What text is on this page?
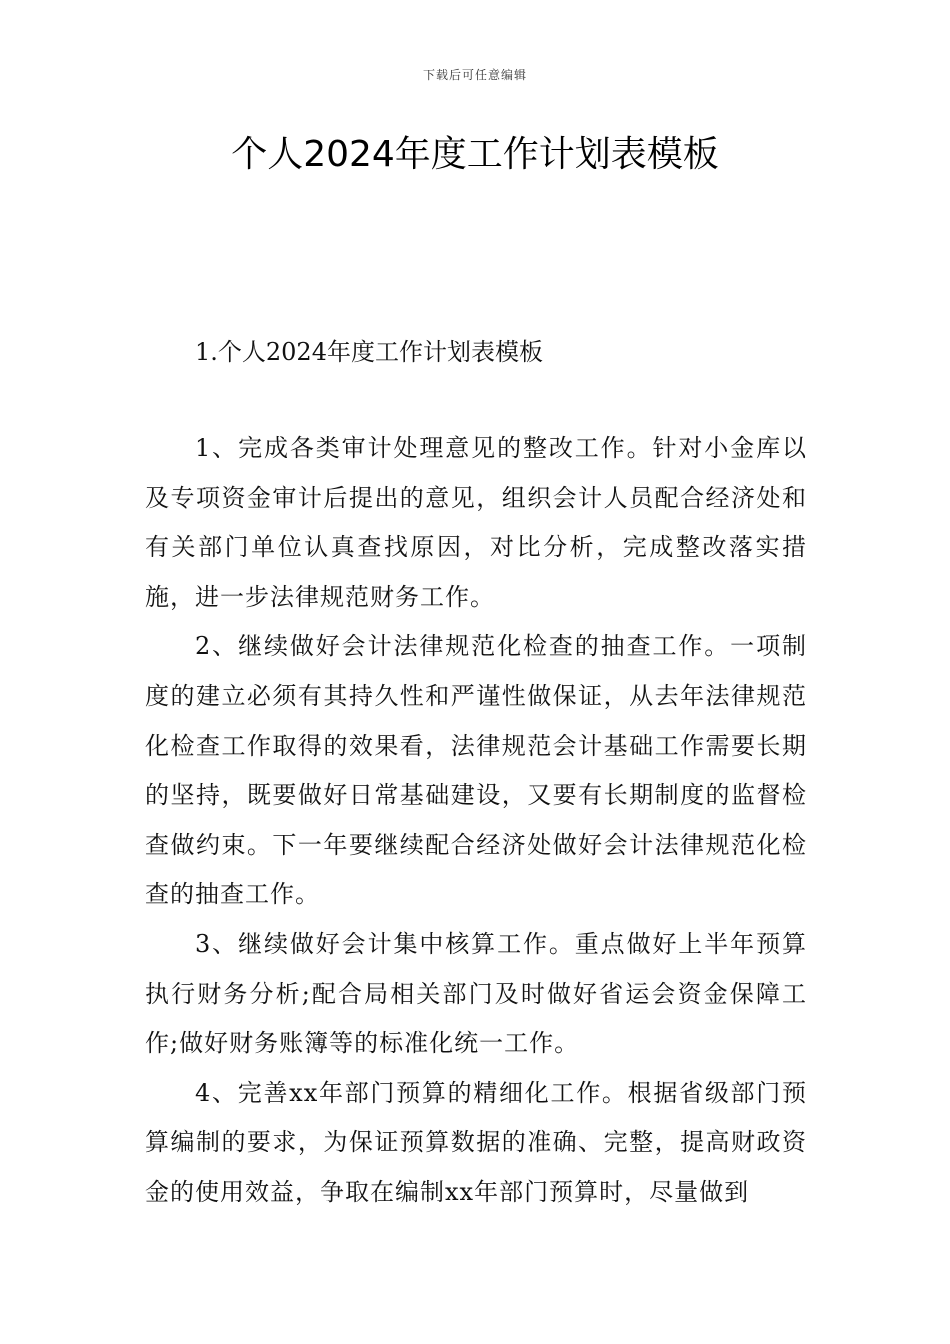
下载后可任意编辑
个人2024年度工作计划表模板
1.个人2024年度工作计划表模板

1、完成各类审计处理意见的整改工作。针对小金库以及专项资金审计后提出的意见，组织会计人员配合经济处和有关部门单位认真查找原因，对比分析，完成整改落实措施，进一步法律规范财务工作。

2、继续做好会计法律规范化检查的抽查工作。一项制度的建立必须有其持久性和严谨性做保证，从去年法律规范化检查工作取得的效果看，法律规范会计基础工作需要长期的坚持，既要做好日常基础建设，又要有长期制度的监督检查做约束。下一年要继续配合经济处做好会计法律规范化检查的抽查工作。

3、继续做好会计集中核算工作。重点做好上半年预算执行财务分析;配合局相关部门及时做好省运会资金保障工作;做好财务账簿等的标准化统一工作。

4、完善xx年部门预算的精细化工作。根据省级部门预算编制的要求，为保证预算数据的准确、完整，提高财政资金的使用效益，争取在编制xx年部门预算时，尽量做到
